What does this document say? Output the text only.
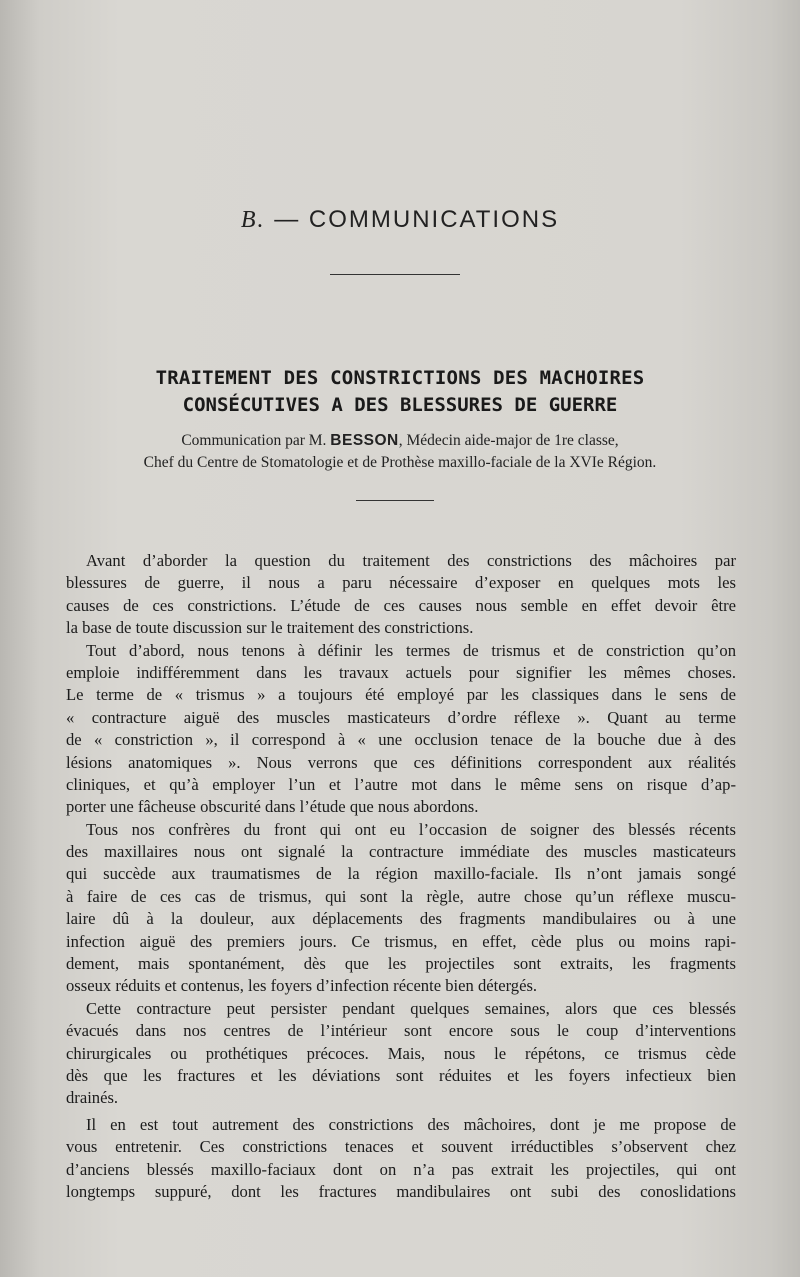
B. — COMMUNICATIONS
TRAITEMENT DES CONSTRICTIONS DES MACHOIRES
CONSÉCUTIVES A DES BLESSURES DE GUERRE
Communication par M. BESSON, Médecin aide-major de 1re classe,
Chef du Centre de Stomatologie et de Prothèse maxillo-faciale de la XVIe Région.
Avant d’aborder la question du traitement des constrictions des mâchoires par
blessures de guerre, il nous a paru nécessaire d’exposer en quelques mots les
causes de ces constrictions. L’étude de ces causes nous semble en effet devoir être
la base de toute discussion sur le traitement des constrictions.
Tout d’abord, nous tenons à définir les termes de trismus et de constriction qu’on
emploie indifféremment dans les travaux actuels pour signifier les mêmes choses.
Le terme de « trismus » a toujours été employé par les classiques dans le sens de
« contracture aiguë des muscles masticateurs d’ordre réflexe ». Quant au terme
de « constriction », il correspond à « une occlusion tenace de la bouche due à des
lésions anatomiques ». Nous verrons que ces définitions correspondent aux réalités
cliniques, et qu’à employer l’un et l’autre mot dans le même sens on risque d’ap-
porter une fâcheuse obscurité dans l’étude que nous abordons.
Tous nos confrères du front qui ont eu l’occasion de soigner des blessés récents
des maxillaires nous ont signalé la contracture immédiate des muscles masticateurs
qui succède aux traumatismes de la région maxillo-faciale. Ils n’ont jamais songé
à faire de ces cas de trismus, qui sont la règle, autre chose qu’un réflexe muscu-
laire dû à la douleur, aux déplacements des fragments mandibulaires ou à une
infection aiguë des premiers jours. Ce trismus, en effet, cède plus ou moins rapi-
dement, mais spontanément, dès que les projectiles sont extraits, les fragments
osseux réduits et contenus, les foyers d’infection récente bien détergés.
Cette contracture peut persister pendant quelques semaines, alors que ces blessés
évacués dans nos centres de l’intérieur sont encore sous le coup d’interventions
chirurgicales ou prothétiques précoces. Mais, nous le répétons, ce trismus cède
dès que les fractures et les déviations sont réduites et les foyers infectieux bien
drainés.
Il en est tout autrement des constrictions des mâchoires, dont je me propose de
vous entretenir. Ces constrictions tenaces et souvent irréductibles s’observent chez
d’anciens blessés maxillo-faciaux dont on n’a pas extrait les projectiles, qui ont
longtemps suppuré, dont les fractures mandibulaires ont subi des conoslidations
